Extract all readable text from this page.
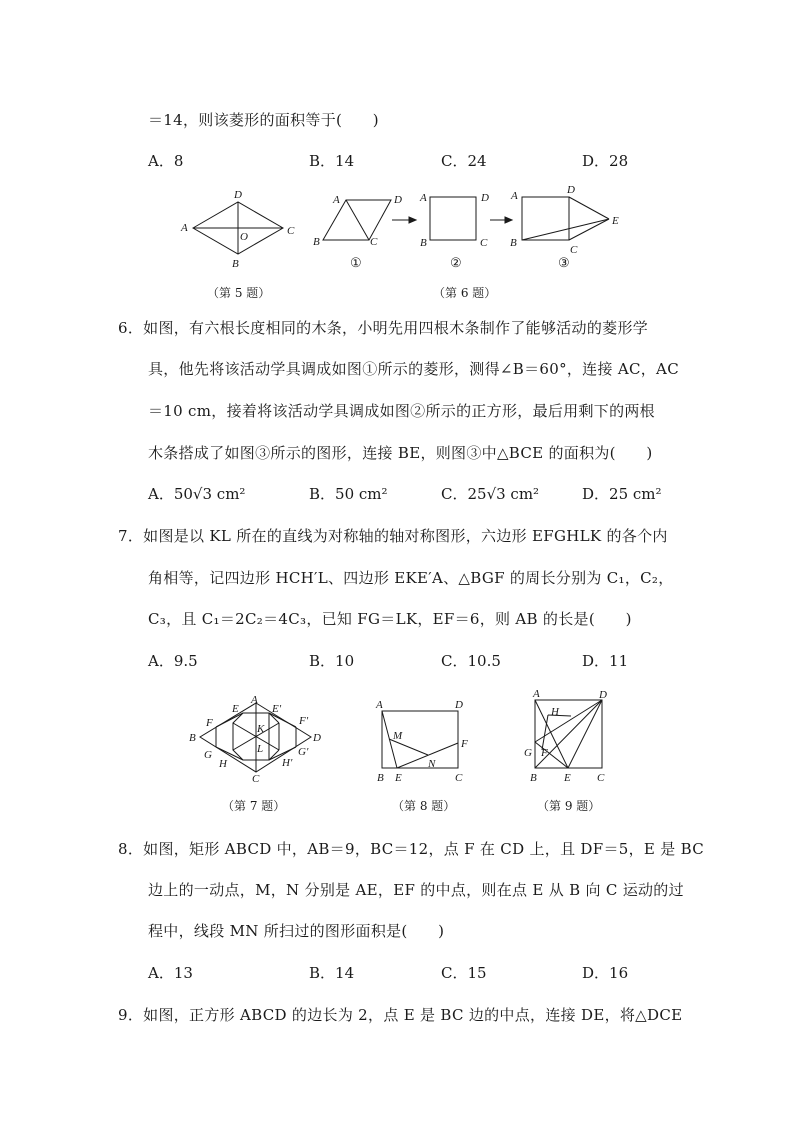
＝14，则该菱形的面积等于(　　)
A．8	B．14	C．24	D．28
A
B
C
D
O
A
B	C
D
①
A
B	C
D
②
A
B
C
D
E
③
（第 5 题）	（第 6 题）
6．如图，有六根长度相同的木条，小明先用四根木条制作了能够活动的菱形学
具，他先将该活动学具调成如图①所示的菱形，测得∠B＝60°，连接 AC，AC
＝10 cm，接着将该活动学具调成如图②所示的正方形，最后用剩下的两根
木条搭成了如图③所示的图形，连接 BE，则图③中△BCE 的面积为(　　)
A．50√3 cm²	B．50 cm²	C．25√3 cm²	D．25 cm²
7．如图是以 KL 所在的直线为对称轴的轴对称图形，六边形 EFGHLK 的各个内
角相等，记四边形 HCH′L、四边形 EKE′A、△BGF 的周长分别为 C₁，C₂，
C₃，且 C₁＝2C₂＝4C₃，已知 FG＝LK，EF＝6，则 AB 的长是(　　)
A．9.5	B．10	C．10.5	D．11
A
B
C
D
E	E′
F	F′
G	G′
H	H′
K
L
A
B	C
D
E
F
M
N
A
B	C
D
E
F
G
H
（第 7 题）	（第 8 题）	（第 9 题）
8．如图，矩形 ABCD 中，AB＝9，BC＝12，点 F 在 CD 上，且 DF＝5，E 是 BC
边上的一动点，M，N 分别是 AE，EF 的中点，则在点 E 从 B 向 C 运动的过
程中，线段 MN 所扫过的图形面积是(　　)
A．13	B．14	C．15	D．16
9．如图，正方形 ABCD 的边长为 2，点 E 是 BC 边的中点，连接 DE，将△DCE
